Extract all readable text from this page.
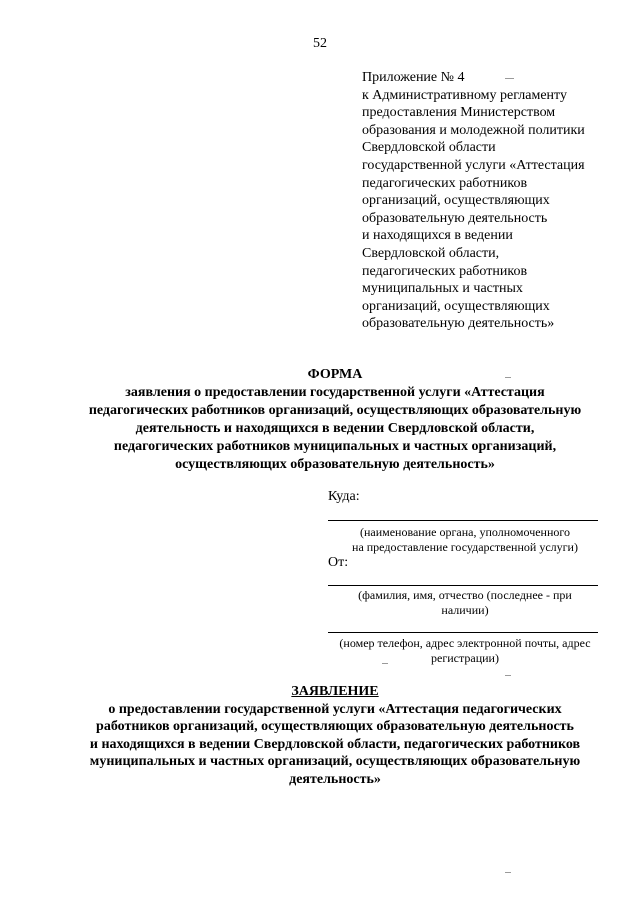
52
Приложение № 4
к Административному регламенту
предоставления Министерством
образования и молодежной политики
Свердловской области
государственной услуги «Аттестация
педагогических работников
организаций, осуществляющих
образовательную деятельность
и находящихся в ведении
Свердловской области,
педагогических работников
муниципальных и частных
организаций, осуществляющих
образовательную деятельность»
ФОРМА
заявления о предоставлении государственной услуги «Аттестация
педагогических работников организаций, осуществляющих образовательную
деятельность и находящихся в ведении Свердловской области,
педагогических работников муниципальных и частных организаций,
осуществляющих образовательную деятельность»
Куда:
(наименование органа, уполномоченного
на предоставление государственной услуги)
От:
(фамилия, имя, отчество (последнее - при
наличии)
(номер телефон, адрес электронной почты, адрес
регистрации)
ЗАЯВЛЕНИЕ
о предоставлении государственной услуги «Аттестация педагогических
работников организаций, осуществляющих образовательную деятельность
и находящихся в ведении Свердловской области, педагогических работников
муниципальных и частных организаций, осуществляющих образовательную
деятельность»
